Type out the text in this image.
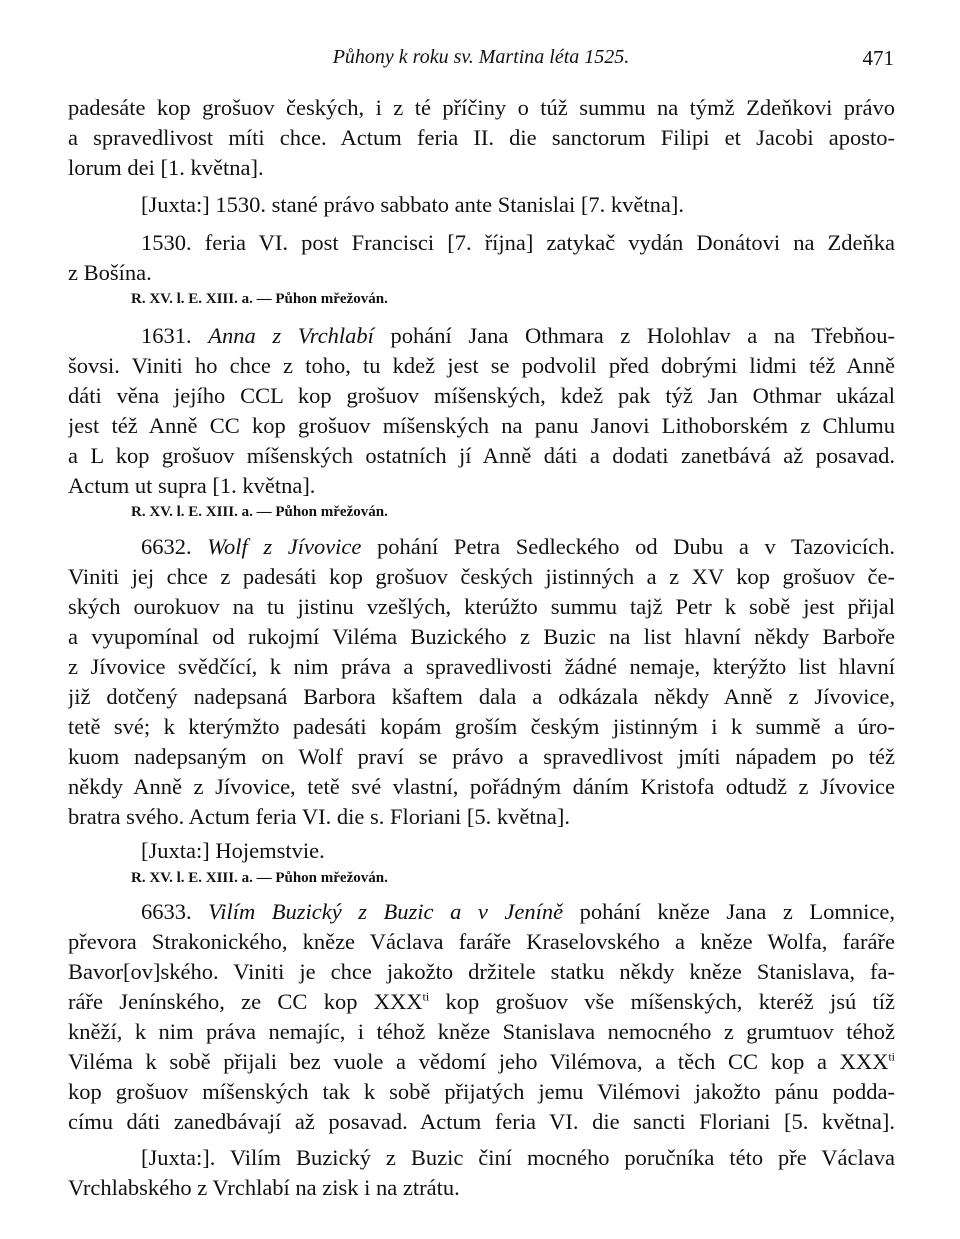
Půhony k roku sv. Martina léta 1525.	471
padesáte kop grošuov českých, i z té příčiny o túž summu na týmž Zdeňkovi právo
a spravedlivost míti chce. Actum feria II. die sanctorum Filipi et Jacobi aposto-
lorum dei [1. května].
[Juxta:] 1530. stané právo sabbato ante Stanislai [7. května].
1530. feria VI. post Francisci [7. října] zatykač vydán Donátovi na Zdeňka
z Bošína.
R. XV. l. E. XIII. a. — Půhon mřežován.
1631. Anna z Vrchlabí pohání Jana Othmara z Holohlav a na Třebňou-
šovsi. Viniti ho chce z toho, tu kdež jest se podvolil před dobrými lidmi též Anně
dáti věna jejího CCL kop grošuov míšenských, kdež pak týž Jan Othmar ukázal
jest též Anně CC kop grošuov míšenských na panu Janovi Lithoborském z Chlumu
a L kop grošuov míšenských ostatních jí Anně dáti a dodati zanetbává až posavad.
Actum ut supra [1. května].
R. XV. l. E. XIII. a. — Půhon mřežován.
6632. Wolf z Jívovice pohání Petra Sedleckého od Dubu a v Tazovicích.
Viniti jej chce z padesáti kop grošuov českých jistinných a z XV kop grošuov če-
ských ourokuov na tu jistinu vzešlých, kterúžto summu tajž Petr k sobě jest přijal
a vyupomínal od rukojmí Viléma Buzického z Buzic na list hlavní někdy Barboře
z Jívovice svědčící, k nim práva a spravedlivosti žádné nemaje, kterýžto list hlavní
již dotčený nadepsaná Barbora kšaftem dala a odkázala někdy Anně z Jívovice,
tetě své; k kterýmžto padesáti kopám groším českým jistinným i k summě a úro-
kuom nadepsaným on Wolf praví se právo a spravedlivost jmíti nápadem po též
někdy Anně z Jívovice, tetě své vlastní, pořádným dáním Kristofa odtudž z Jívovice
bratra svého. Actum feria VI. die s. Floriani [5. května].
[Juxta:] Hojemstvie.
R. XV. l. E. XIII. a. — Půhon mřežován.
6633. Vilím Buzický z Buzic a v Jeníně pohání kněze Jana z Lomnice,
převora Strakonického, kněze Václava faráře Kraselovského a kněze Wolfa, faráře
Bavor[ov]ského. Viniti je chce jakožto držitele statku někdy kněze Stanislava, fa-
ráře Jenínského, ze CC kop $XXX^{ti}$ kop grošuov vše míšenských, kteréž jsú tíž
kněží, k nim práva nemajíc, i téhož kněze Stanislava nemocného z grumtuov téhož
Viléma k sobě přijali bez vuole a vědomí jeho Vilémova, a těch CC kop a $XXX^{ti}$
kop grošuov míšenských tak k sobě přijatých jemu Vilémovi jakožto pánu podda-
címu dáti zanedbávají až posavad. Actum feria VI. die sancti Floriani [5. května].
[Juxta:]. Vilím Buzický z Buzic činí mocného poručníka této pře Václava
Vrchlabského z Vrchlabí na zisk i na ztrátu.
